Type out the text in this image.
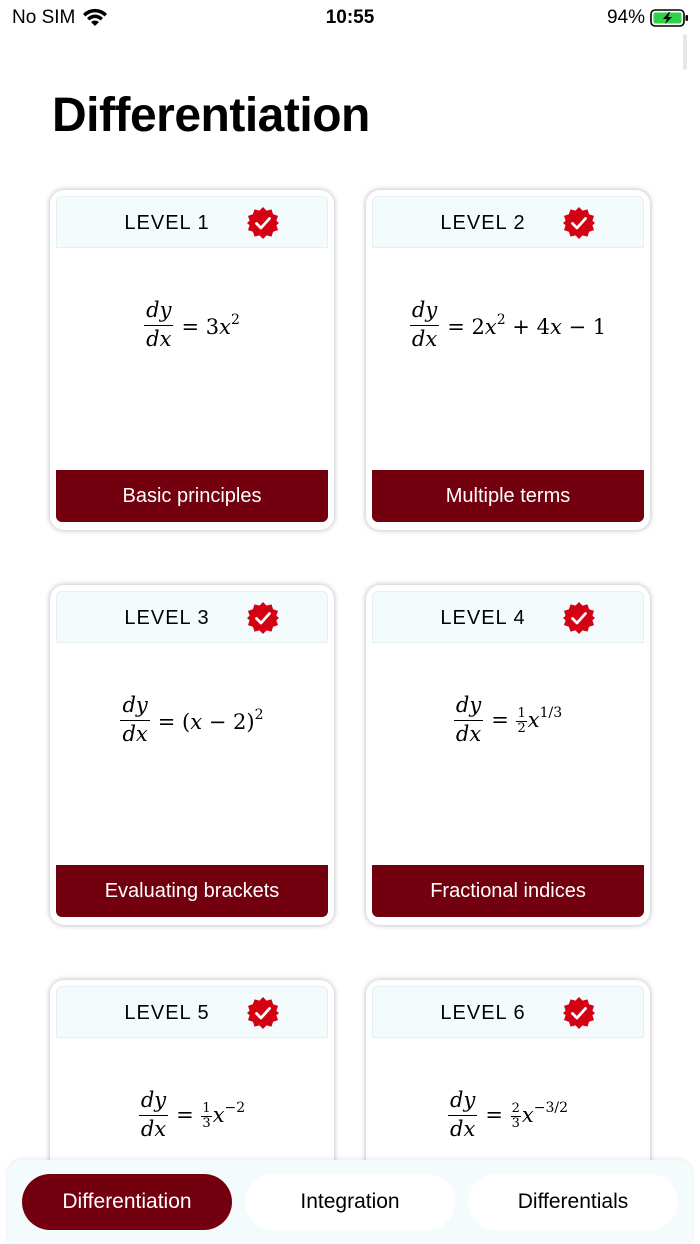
No SIM	10:55	94%
Differentiation
LEVEL 1
$\frac{dy}{dx} = 3x^2$
Basic principles
LEVEL 2
$\frac{dy}{dx} = 2x^2 + 4x - 1$
Multiple terms
LEVEL 3
$\frac{dy}{dx} = (x - 2)^2$
Evaluating brackets
LEVEL 4
$\frac{dy}{dx} = \frac{1}{2} x^{1/3}$
Fractional indices
LEVEL 5
$\frac{dy}{dx} = \frac{1}{3} x^{-2}$
LEVEL 6
$\frac{dy}{dx} = \frac{2}{3} x^{-3/2}$
Differentiation	Integration	Differentials
